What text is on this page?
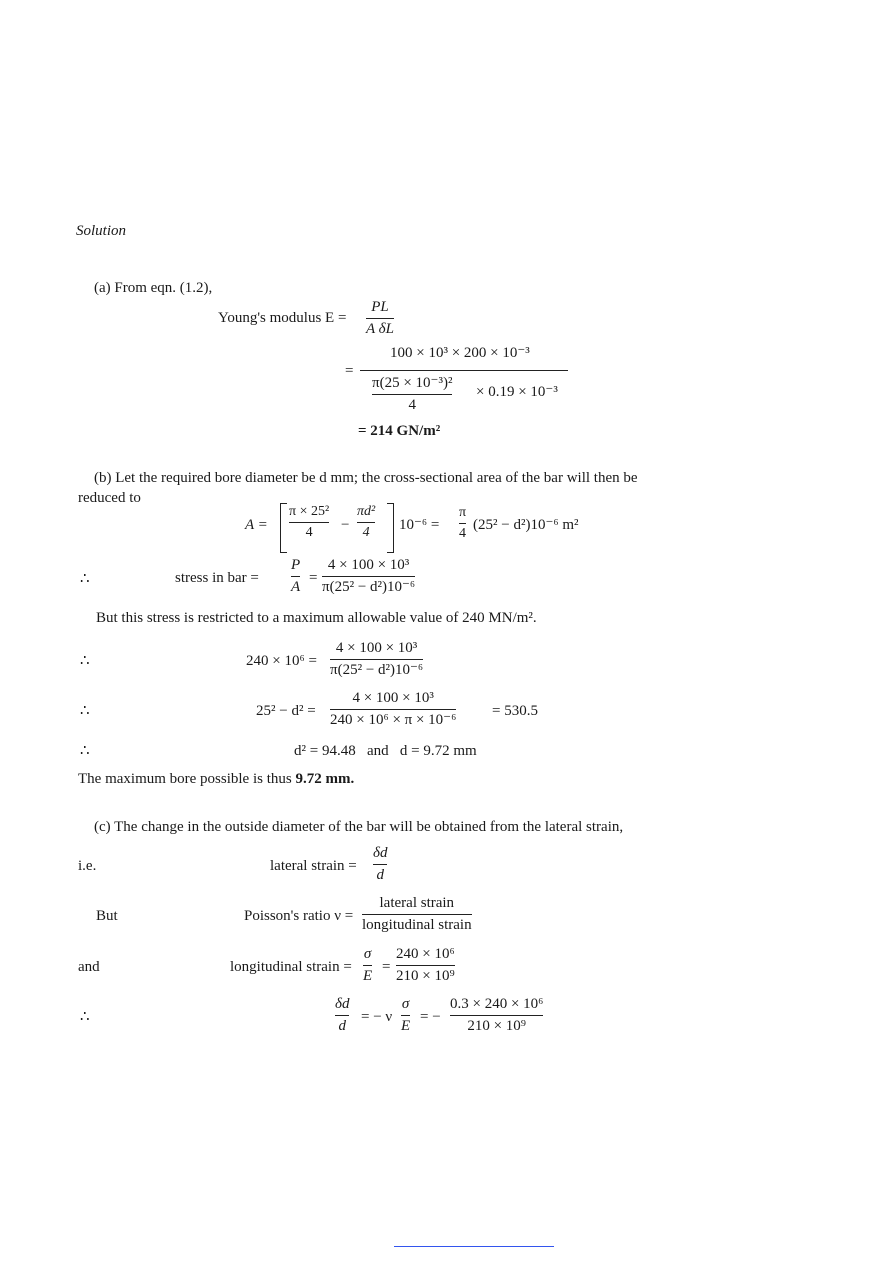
Solution
(a) From eqn. (1.2),
Young's modulus E =
PL
A δL
=
100 × 10³ × 200 × 10⁻³
π(25 × 10⁻³)²
4
× 0.19 × 10⁻³
= 214 GN/m²
(b) Let the required bore diameter be d mm; the cross-sectional area of the bar will then be
reduced to
A =
π × 25²
4 −
πd²
4 10⁻⁶ =
π
4
(25² − d²)10⁻⁶ m²
∴	stress in bar =
P
A
=
4 × 100 × 10³
π(25² − d²)10⁻⁶
But this stress is restricted to a maximum allowable value of 240 MN/m².
∴	240 × 10⁶ =
4 × 100 × 10³
π(25² − d²)10⁻⁶
∴	25² − d² =
4 × 100 × 10³
240 × 10⁶ × π × 10⁻⁶
= 530.5
∴	d² = 94.48   and   d = 9.72 mm
The maximum bore possible is thus 9.72 mm.
(c) The change in the outside diameter of the bar will be obtained from the lateral strain,
i.e.	lateral strain =
δd
d
But	Poisson's ratio ν =
lateral strain
longitudinal strain
and	longitudinal strain =
σ
E
=
240 × 10⁶
210 × 10⁹
∴
δd
d
= − ν
σ
E
= −
0.3 × 240 × 10⁶
210 × 10⁹
